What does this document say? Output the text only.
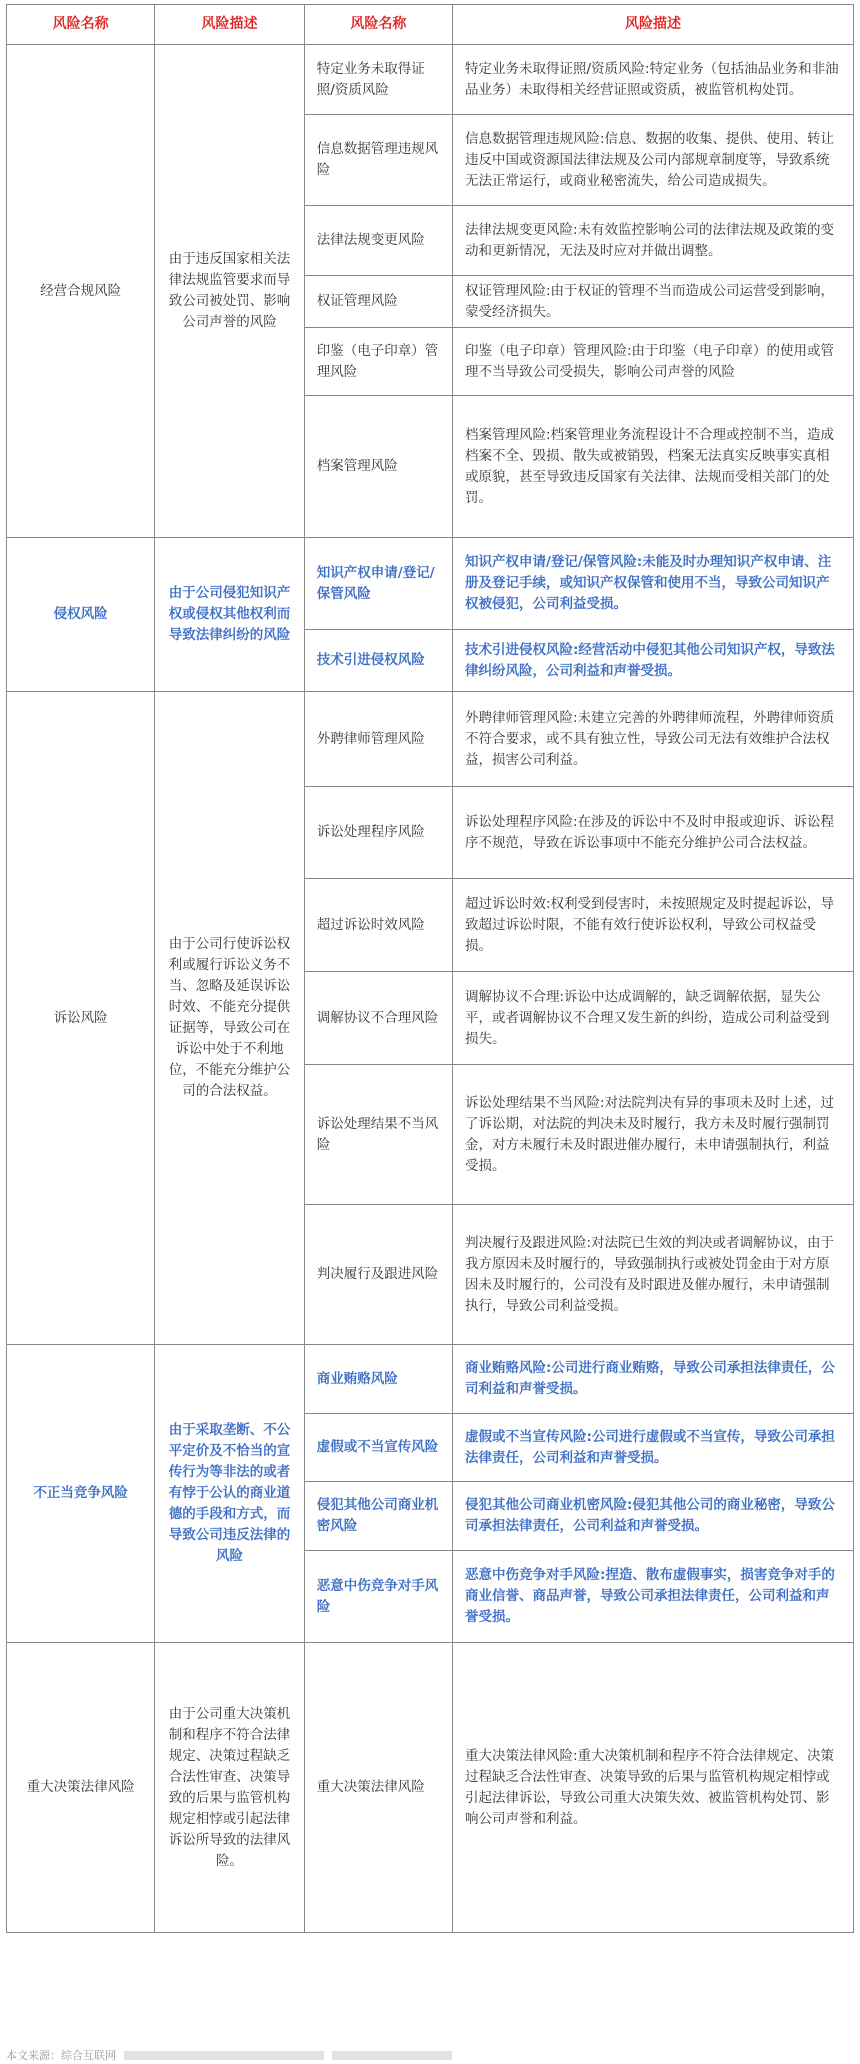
风险名称	风险描述	风险名称	风险描述
经营合规风险	由于违反国家相关法律法规监管要求而导致公司被处罚、影响公司声誉的风险	特定业务未取得证照/资质风险	特定业务未取得证照/资质风险:特定业务（包括油品业务和非油品业务）未取得相关经营证照或资质，被监管机构处罚。
		信息数据管理违规风险	信息数据管理违规风险:信息、数据的收集、提供、使用、转让违反中国或资源国法律法规及公司内部规章制度等，导致系统无法正常运行，或商业秘密流失，给公司造成损失。
		法律法规变更风险	法律法规变更风险:未有效监控影响公司的法律法规及政策的变动和更新情况，无法及时应对并做出调整。
		权证管理风险	权证管理风险:由于权证的管理不当而造成公司运营受到影响，蒙受经济损失。
		印鉴（电子印章）管理风险	印鉴（电子印章）管理风险:由于印鉴（电子印章）的使用或管理不当导致公司受损失，影响公司声誉的风险
		档案管理风险	档案管理风险:档案管理业务流程设计不合理或控制不当，造成档案不全、毁损、散失或被销毁，档案无法真实反映事实真相或原貌，甚至导致违反国家有关法律、法规而受相关部门的处罚。
侵权风险	由于公司侵犯知识产权或侵权其他权利而导致法律纠纷的风险	知识产权申请/登记/保管风险	知识产权申请/登记/保管风险:未能及时办理知识产权申请、注册及登记手续，或知识产权保管和使用不当，导致公司知识产权被侵犯，公司利益受损。
		技术引进侵权风险	技术引进侵权风险:经营活动中侵犯其他公司知识产权，导致法律纠纷风险，公司利益和声誉受损。
诉讼风险	由于公司行使诉讼权利或履行诉讼义务不当、忽略及延误诉讼时效、不能充分提供证据等，导致公司在诉讼中处于不利地位，不能充分维护公司的合法权益。	外聘律师管理风险	外聘律师管理风险:未建立完善的外聘律师流程，外聘律师资质不符合要求，或不具有独立性，导致公司无法有效维护合法权益，损害公司利益。
		诉讼处理程序风险	诉讼处理程序风险:在涉及的诉讼中不及时申报或迎诉、诉讼程序不规范，导致在诉讼事项中不能充分维护公司合法权益。
		超过诉讼时效风险	超过诉讼时效:权利受到侵害时，未按照规定及时提起诉讼，导致超过诉讼时限，不能有效行使诉讼权利，导致公司权益受损。
		调解协议不合理风险	调解协议不合理:诉讼中达成调解的，缺乏调解依据，显失公平，或者调解协议不合理又发生新的纠纷，造成公司利益受到损失。
		诉讼处理结果不当风险	诉讼处理结果不当风险:对法院判决有异的事项未及时上述，过了诉讼期，对法院的判决未及时履行，我方未及时履行强制罚金，对方未履行未及时跟进催办履行，未申请强制执行，利益受损。
		判决履行及跟进风险	判决履行及跟进风险:对法院已生效的判决或者调解协议，由于我方原因未及时履行的，导致强制执行或被处罚金由于对方原因未及时履行的，公司没有及时跟进及催办履行，未申请强制执行，导致公司利益受损。
不正当竞争风险	由于采取垄断、不公平定价及不恰当的宣传行为等非法的或者有悖于公认的商业道德的手段和方式，而导致公司违反法律的风险	商业贿赂风险	商业贿赂风险:公司进行商业贿赂，导致公司承担法律责任，公司利益和声誉受损。
		虚假或不当宣传风险	虚假或不当宣传风险:公司进行虚假或不当宣传，导致公司承担法律责任，公司利益和声誉受损。
		侵犯其他公司商业机密风险	侵犯其他公司商业机密风险:侵犯其他公司的商业秘密，导致公司承担法律责任，公司利益和声誉受损。
		恶意中伤竞争对手风险	恶意中伤竞争对手风险:捏造、散布虚假事实，损害竞争对手的商业信誉、商品声誉，导致公司承担法律责任，公司利益和声誉受损。
重大决策法律风险	由于公司重大决策机制和程序不符合法律规定、决策过程缺乏合法性审查、决策导致的后果与监管机构规定相悖或引起法律诉讼所导致的法律风险。	重大决策法律风险	重大决策法律风险:重大决策机制和程序不符合法律规定、决策过程缺乏合法性审查、决策导致的后果与监管机构规定相悖或引起法律诉讼，导致公司重大决策失效、被监管机构处罚、影响公司声誉和利益。
本文来源：综合互联网
